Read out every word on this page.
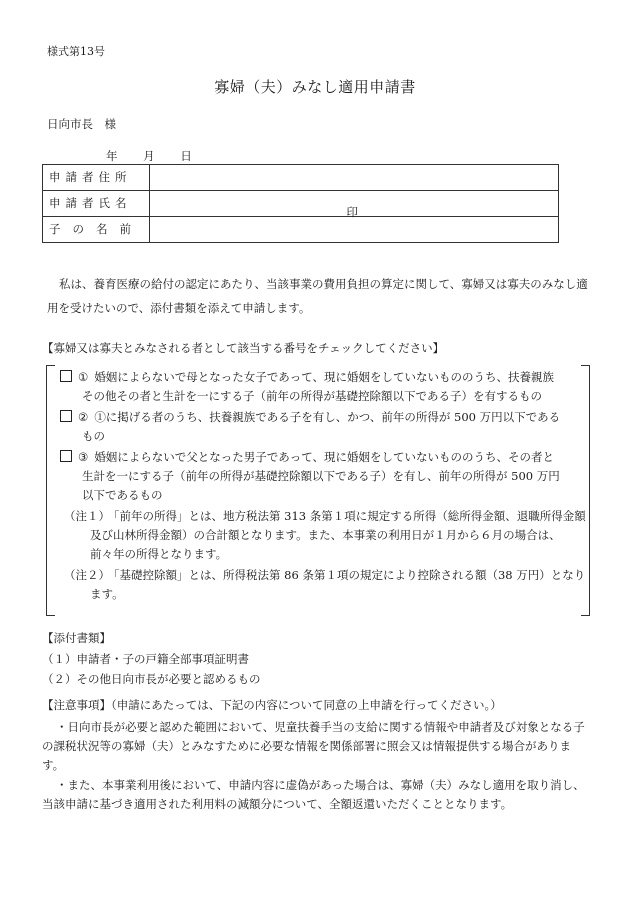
様式第13号
寡婦（夫）みなし適用申請書
日向市長　様
年 月 日
申請者住所	
申請者氏名	印

子の名前	
私は、養育医療の給付の認定にあたり、当該事業の費用負担の算定に関して、寡婦又は寡夫のみなし適用を受けたいので、添付書類を添えて申請します。
【寡婦又は寡夫とみなされる者として該当する番号をチェックしてください】
① 婚姻によらないで母となった女子であって、現に婚姻をしていないもののうち、扶養親族
その他その者と生計を一にする子（前年の所得が基礎控除額以下である子）を有するもの
② ①に掲げる者のうち、扶養親族である子を有し、かつ、前年の所得が 500 万円以下である
もの
③ 婚姻によらないで父となった男子であって、現に婚姻をしていないもののうち、その者と
生計を一にする子（前年の所得が基礎控除額以下である子）を有し、前年の所得が 500 万円
以下であるもの
（注１）「前年の所得」とは、地方税法第 313 条第１項に規定する所得（総所得金額、退職所得金額
及び山林所得金額）の合計額となります。また、本事業の利用日が１月から６月の場合は、
前々年の所得となります。
（注２）「基礎控除額」とは、所得税法第 86 条第１項の規定により控除される額（38 万円）となり
ます。
【添付書類】
（１）申請者・子の戸籍全部事項証明書
（２）その他日向市長が必要と認めるもの
【注意事項】（申請にあたっては、下記の内容について同意の上申請を行ってください。）
・日向市長が必要と認めた範囲において、児童扶養手当の支給に関する情報や申請者及び対象となる子の課税状況等の寡婦（夫）とみなすために必要な情報を関係部署に照会又は情報提供する場合があります。
・また、本事業利用後において、申請内容に虚偽があった場合は、寡婦（夫）みなし適用を取り消し、当該申請に基づき適用された利用料の減額分について、全額返還いただくこととなります。
